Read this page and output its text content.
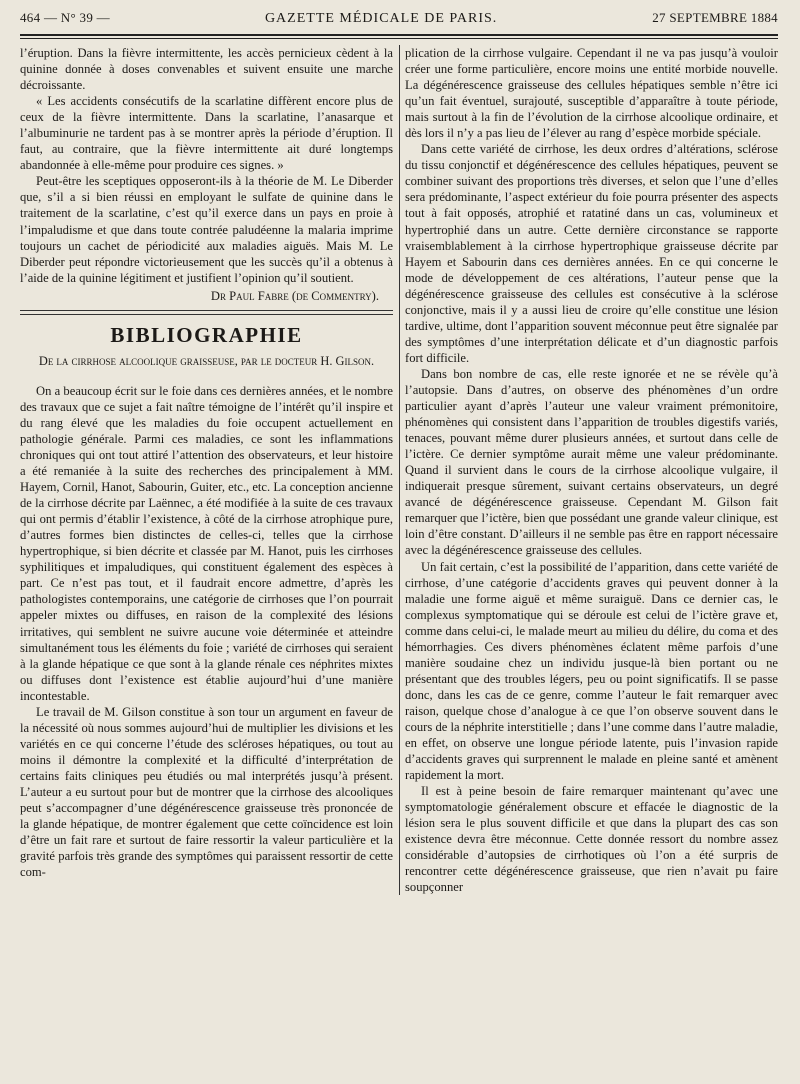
464 — N° 39 —	GAZETTE MÉDICALE DE PARIS.	27 SEPTEMBRE 1884

l’éruption. Dans la fièvre intermittente, les accès pernicieux cèdent à la quinine donnée à doses convenables et suivent ensuite une marche décroissante.

« Les accidents consécutifs de la scarlatine diffèrent encore plus de ceux de la fièvre intermittente. Dans la scarlatine, l’anasarque et l’albuminurie ne tardent pas à se montrer après la période d’éruption. Il faut, au contraire, que la fièvre intermittente ait duré longtemps abandonnée à elle-même pour produire ces signes. »

Peut-être les sceptiques opposeront-ils à la théorie de M. Le Diberder que, s’il a si bien réussi en employant le sulfate de quinine dans le traitement de la scarlatine, c’est qu’il exerce dans un pays en proie à l’impaludisme et que dans toute contrée paludéenne la malaria imprime toujours un cachet de périodicité aux maladies aiguës. Mais M. Le Diberder peut répondre victorieusement que les succès qu’il a obtenus à l’aide de la quinine légitiment et justifient l’opinion qu’il soutient.

Dr Paul Fabre (de Commentry).
BIBLIOGRAPHIE
De la cirrhose alcoolique graisseuse, par le docteur H. Gilson.

On a beaucoup écrit sur le foie dans ces dernières années, et le nombre des travaux que ce sujet a fait naître témoigne de l’intérêt qu’il inspire et du rang élevé que les maladies du foie occupent actuellement en pathologie générale. Parmi ces maladies, ce sont les inflammations chroniques qui ont tout attiré l’attention des observateurs, et leur histoire a été remaniée à la suite des recherches des principalement à MM. Hayem, Cornil, Hanot, Sabourin, Guiter, etc., etc. La conception ancienne de la cirrhose décrite par Laënnec, a été modifiée à la suite de ces travaux qui ont permis d’établir l’existence, à côté de la cirrhose atrophique pure, d’autres formes bien distinctes de celles-ci, telles que la cirrhose hypertrophique, si bien décrite et classée par M. Hanot, puis les cirrhoses syphilitiques et impaludiques, qui constituent également des espèces à part. Ce n’est pas tout, et il faudrait encore admettre, d’après les pathologistes contemporains, une catégorie de cirrhoses que l’on pourrait appeler mixtes ou diffuses, en raison de la complexité des lésions irritatives, qui semblent ne suivre aucune voie déterminée et atteindre simultanément tous les éléments du foie ; variété de cirrhoses qui seraient à la glande hépatique ce que sont à la glande rénale ces néphrites mixtes ou diffuses dont l’existence est établie aujourd’hui d’une manière incontestable.

Le travail de M. Gilson constitue à son tour un argument en faveur de la nécessité où nous sommes aujourd’hui de multiplier les divisions et les variétés en ce qui concerne l’étude des scléroses hépatiques, ou tout au moins il démontre la complexité et la difficulté d’interprétation de certains faits cliniques peu étudiés ou mal interprétés jusqu’à présent. L’auteur a eu surtout pour but de montrer que la cirrhose des alcooliques peut s’accompagner d’une dégénérescence graisseuse très prononcée de la glande hépatique, de montrer également que cette coïncidence est loin d’être un fait rare et surtout de faire ressortir la valeur particulière et la gravité parfois très grande des symptômes qui paraissent ressortir de cette com-

plication de la cirrhose vulgaire. Cependant il ne va pas jusqu’à vouloir créer une forme particulière, encore moins une entité morbide nouvelle. La dégénérescence graisseuse des cellules hépatiques semble n’être ici qu’un fait éventuel, surajouté, susceptible d’apparaître à toute période, mais surtout à la fin de l’évolution de la cirrhose alcoolique ordinaire, et dès lors il n’y a pas lieu de l’élever au rang d’espèce morbide spéciale.

Dans cette variété de cirrhose, les deux ordres d’altérations, sclérose du tissu conjonctif et dégénérescence des cellules hépatiques, peuvent se combiner suivant des proportions très diverses, et selon que l’une d’elles sera prédominante, l’aspect extérieur du foie pourra présenter des aspects tout à fait opposés, atrophié et ratatiné dans un cas, volumineux et hypertrophié dans un autre. Cette dernière circonstance se rapporte vraisemblablement à la cirrhose hypertrophique graisseuse décrite par Hayem et Sabourin dans ces dernières années. En ce qui concerne le mode de développement de ces altérations, l’auteur pense que la dégénérescence graisseuse des cellules est consécutive à la sclérose conjonctive, mais il y a aussi lieu de croire qu’elle constitue une lésion tardive, ultime, dont l’apparition souvent méconnue peut être signalée par des symptômes d’une interprétation délicate et d’un diagnostic parfois fort difficile.

Dans bon nombre de cas, elle reste ignorée et ne se révèle qu’à l’autopsie. Dans d’autres, on observe des phénomènes d’un ordre particulier ayant d’après l’auteur une valeur vraiment prémonitoire, phénomènes qui consistent dans l’apparition de troubles digestifs variés, tenaces, pouvant même durer plusieurs années, et surtout dans celle de l’ictère. Ce dernier symptôme aurait même une valeur prédominante. Quand il survient dans le cours de la cirrhose alcoolique vulgaire, il indiquerait presque sûrement, suivant certains observateurs, un degré avancé de dégénérescence graisseuse. Cependant M. Gilson fait remarquer que l’ictère, bien que possédant une grande valeur clinique, est loin d’être constant. D’ailleurs il ne semble pas être en rapport nécessaire avec la dégénérescence graisseuse des cellules.

Un fait certain, c’est la possibilité de l’apparition, dans cette variété de cirrhose, d’une catégorie d’accidents graves qui peuvent donner à la maladie une forme aiguë et même suraiguë. Dans ce dernier cas, le complexus symptomatique qui se déroule est celui de l’ictère grave et, comme dans celui-ci, le malade meurt au milieu du délire, du coma et des hémorrhagies. Ces divers phénomènes éclatent même parfois d’une manière soudaine chez un individu jusque-là bien portant ou ne présentant que des troubles légers, peu ou point significatifs. Il se passe donc, dans les cas de ce genre, comme l’auteur le fait remarquer avec raison, quelque chose d’analogue à ce que l’on observe souvent dans le cours de la néphrite interstitielle ; dans l’une comme dans l’autre maladie, en effet, on observe une longue période latente, puis l’invasion rapide d’accidents graves qui surprennent le malade en pleine santé et amènent rapidement la mort.

Il est à peine besoin de faire remarquer maintenant qu’avec une symptomatologie généralement obscure et effacée le diagnostic de la lésion sera le plus souvent difficile et que dans la plupart des cas son existence devra être méconnue. Cette donnée ressort du nombre assez considérable d’autopsies de cirrhotiques où l’on a été surpris de rencontrer cette dégénérescence graisseuse, que rien n’avait pu faire soupçonner
